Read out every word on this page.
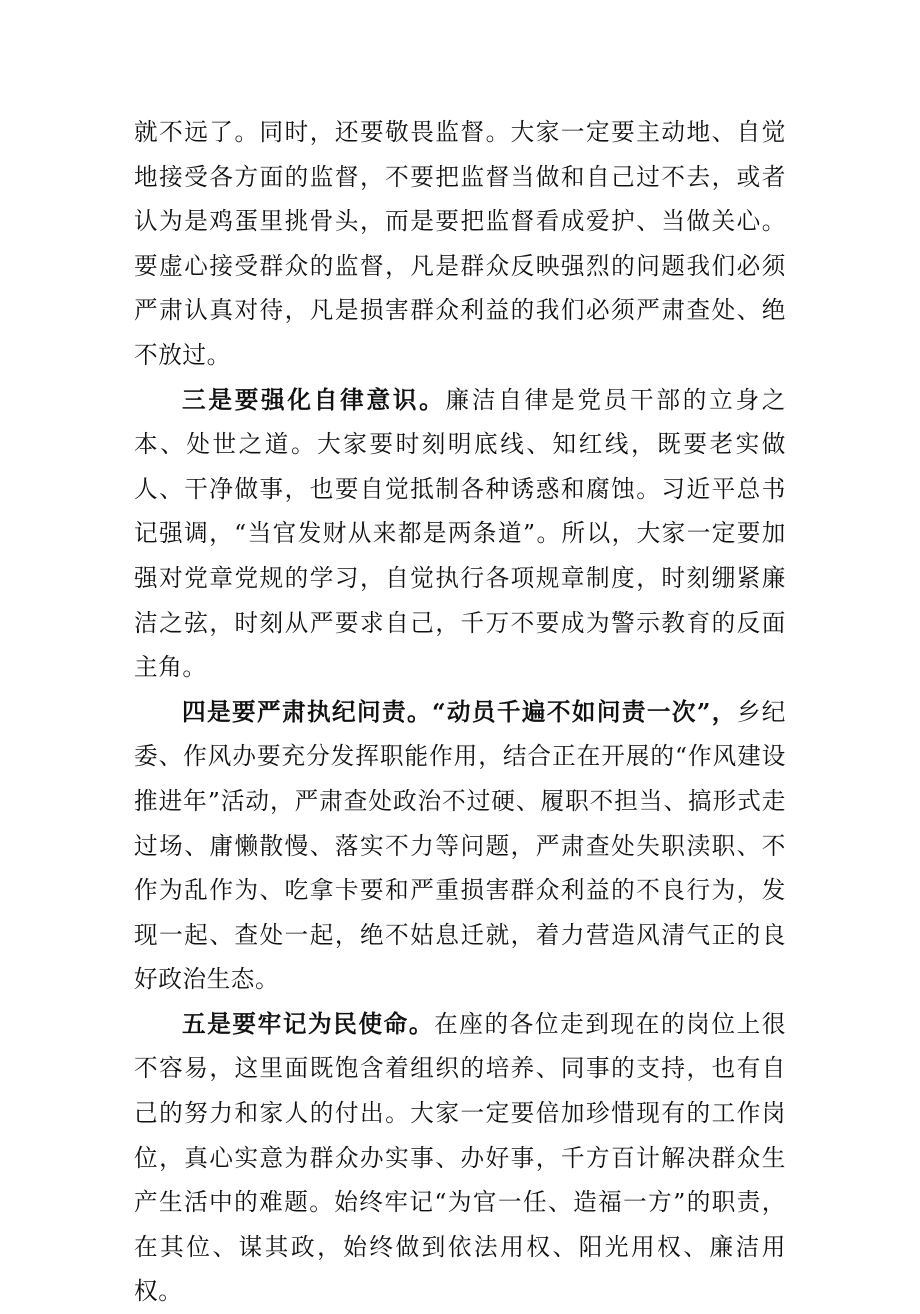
就不远了。同时，还要敬畏监督。大家一定要主动地、自觉地接受各方面的监督，不要把监督当做和自己过不去，或者认为是鸡蛋里挑骨头，而是要把监督看成爱护、当做关心。要虚心接受群众的监督，凡是群众反映强烈的问题我们必须严肃认真对待，凡是损害群众利益的我们必须严肃查处、绝不放过。

三是要强化自律意识。廉洁自律是党员干部的立身之本、处世之道。大家要时刻明底线、知红线，既要老实做人、干净做事，也要自觉抵制各种诱惑和腐蚀。习近平总书记强调，“当官发财从来都是两条道”。所以，大家一定要加强对党章党规的学习，自觉执行各项规章制度，时刻绷紧廉洁之弦，时刻从严要求自己，千万不要成为警示教育的反面主角。

四是要严肃执纪问责。“动员千遍不如问责一次”，乡纪委、作风办要充分发挥职能作用，结合正在开展的“作风建设推进年”活动，严肃查处政治不过硬、履职不担当、搞形式走过场、庸懒散慢、落实不力等问题，严肃查处失职渎职、不作为乱作为、吃拿卡要和严重损害群众利益的不良行为，发现一起、查处一起，绝不姑息迁就，着力营造风清气正的良好政治生态。

五是要牢记为民使命。在座的各位走到现在的岗位上很不容易，这里面既饱含着组织的培养、同事的支持，也有自己的努力和家人的付出。大家一定要倍加珍惜现有的工作岗位，真心实意为群众办实事、办好事，千方百计解决群众生产生活中的难题。始终牢记“为官一任、造福一方”的职责，在其位、谋其政，始终做到依法用权、阳光用权、廉洁用权。
